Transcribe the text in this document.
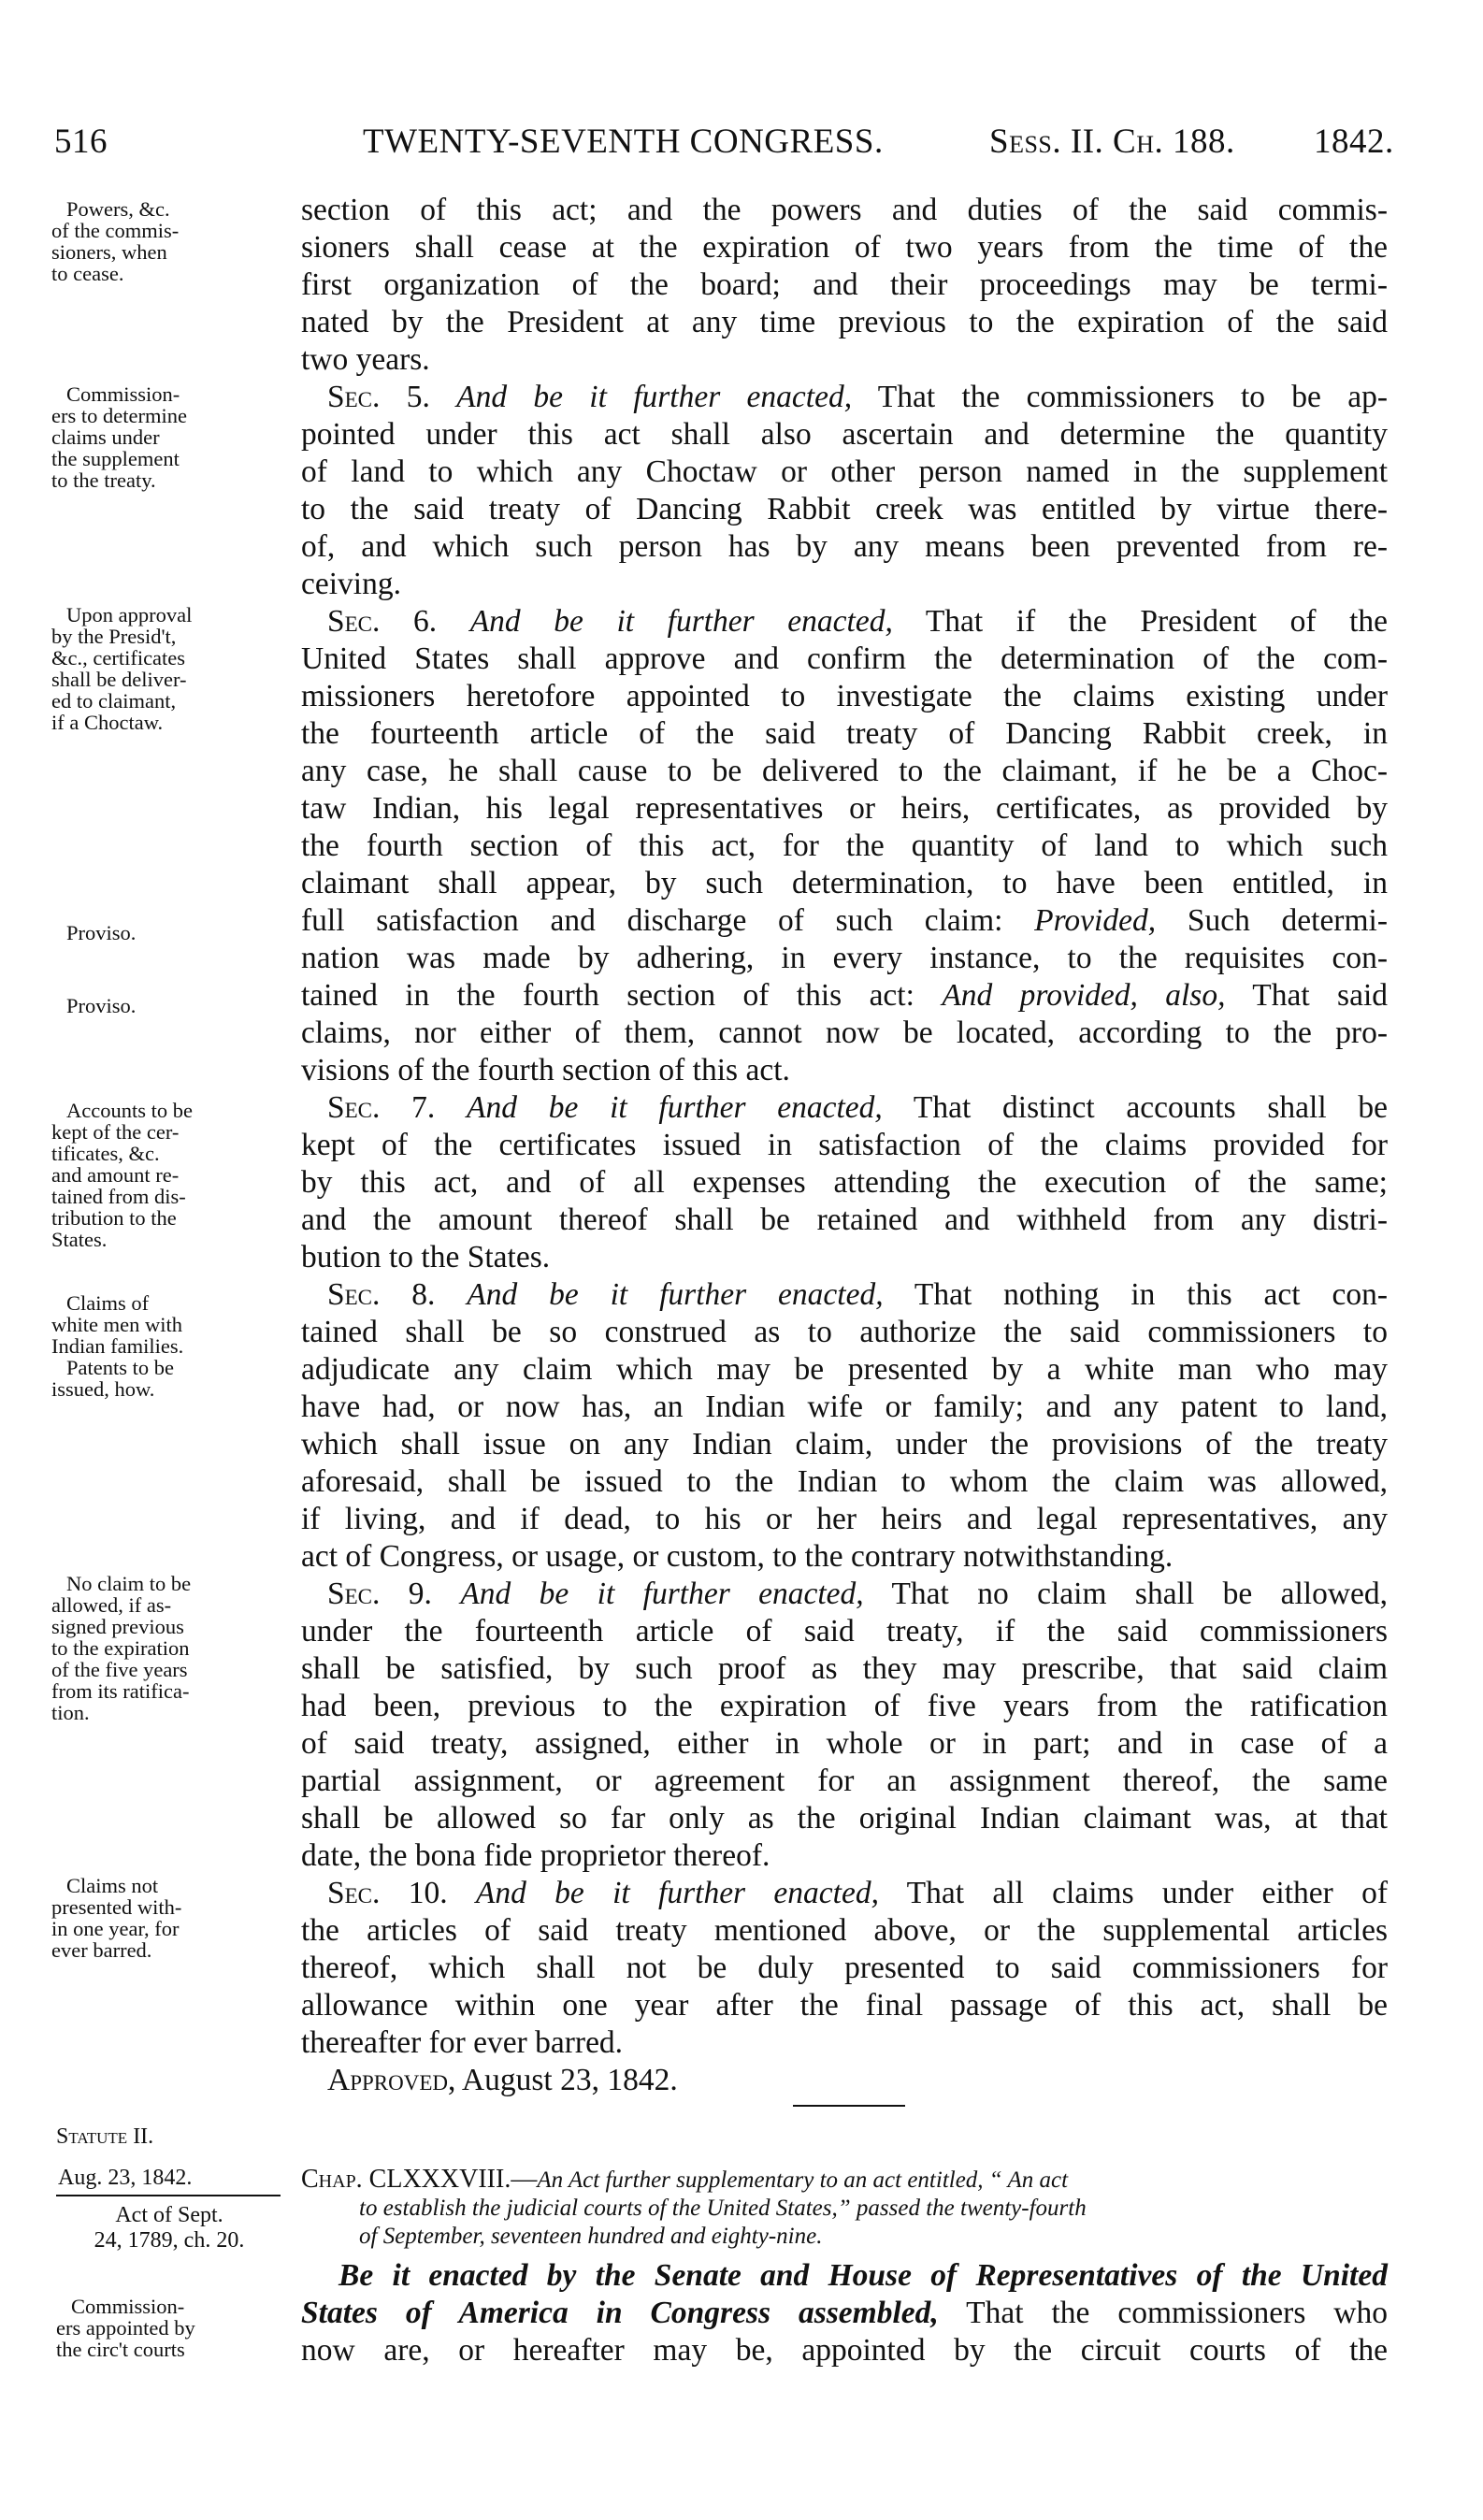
516	TWENTY-SEVENTH CONGRESS.	Sess. II. Ch. 188. 1842.
Powers, &c.
of the commis-
sioners, when
to cease.
Commission-
ers to determine
claims under
the supplement
to the treaty.
Upon approval
by the Presid't,
&c., certificates
shall be deliver-
ed to claimant,
if a Choctaw.
Proviso.
Proviso.
Accounts to be
kept of the cer-
tificates, &c.
and amount re-
tained from dis-
tribution to the
States.
Claims of
white men with
Indian families.
Patents to be
issued, how.
No claim to be
allowed, if as-
signed previous
to the expiration
of the five years
from its ratifica-
tion.
Claims not
presented with-
in one year, for
ever barred.
section of this act; and the powers and duties of the said commis-
sioners shall cease at the expiration of two years from the time of the
first organization of the board; and their proceedings may be termi-
nated by the President at any time previous to the expiration of the said
two years.
Sec. 5. And be it further enacted, That the commissioners to be ap-
pointed under this act shall also ascertain and determine the quantity
of land to which any Choctaw or other person named in the supplement
to the said treaty of Dancing Rabbit creek was entitled by virtue there-
of, and which such person has by any means been prevented from re-
ceiving.
Sec. 6. And be it further enacted, That if the President of the
United States shall approve and confirm the determination of the com-
missioners heretofore appointed to investigate the claims existing under
the fourteenth article of the said treaty of Dancing Rabbit creek, in
any case, he shall cause to be delivered to the claimant, if he be a Choc-
taw Indian, his legal representatives or heirs, certificates, as provided by
the fourth section of this act, for the quantity of land to which such
claimant shall appear, by such determination, to have been entitled, in
full satisfaction and discharge of such claim: Provided, Such determi-
nation was made by adhering, in every instance, to the requisites con-
tained in the fourth section of this act: And provided, also, That said
claims, nor either of them, cannot now be located, according to the pro-
visions of the fourth section of this act.
Sec. 7. And be it further enacted, That distinct accounts shall be
kept of the certificates issued in satisfaction of the claims provided for
by this act, and of all expenses attending the execution of the same;
and the amount thereof shall be retained and withheld from any distri-
bution to the States.
Sec. 8. And be it further enacted, That nothing in this act con-
tained shall be so construed as to authorize the said commissioners to
adjudicate any claim which may be presented by a white man who may
have had, or now has, an Indian wife or family; and any patent to land,
which shall issue on any Indian claim, under the provisions of the treaty
aforesaid, shall be issued to the Indian to whom the claim was allowed,
if living, and if dead, to his or her heirs and legal representatives, any
act of Congress, or usage, or custom, to the contrary notwithstanding.
Sec. 9. And be it further enacted, That no claim shall be allowed,
under the fourteenth article of said treaty, if the said commissioners
shall be satisfied, by such proof as they may prescribe, that said claim
had been, previous to the expiration of five years from the ratification
of said treaty, assigned, either in whole or in part; and in case of a
partial assignment, or agreement for an assignment thereof, the same
shall be allowed so far only as the original Indian claimant was, at that
date, the bona fide proprietor thereof.
Sec. 10. And be it further enacted, That all claims under either of
the articles of said treaty mentioned above, or the supplemental articles
thereof, which shall not be duly presented to said commissioners for
allowance within one year after the final passage of this act, shall be
thereafter for ever barred.
Approved, August 23, 1842.
Statute II.
Aug. 23, 1842.
Act of Sept.
24, 1789, ch. 20.
Chap. CLXXXVIII.—An Act further supplementary to an act entitled, “ An act
to establish the judicial courts of the United States,” passed the twenty-fourth
of September, seventeen hundred and eighty-nine.
Commission-
ers appointed by
the circ't courts
Be it enacted by the Senate and House of Representatives of the United
States of America in Congress assembled, That the commissioners who
now are, or hereafter may be, appointed by the circuit courts of the
